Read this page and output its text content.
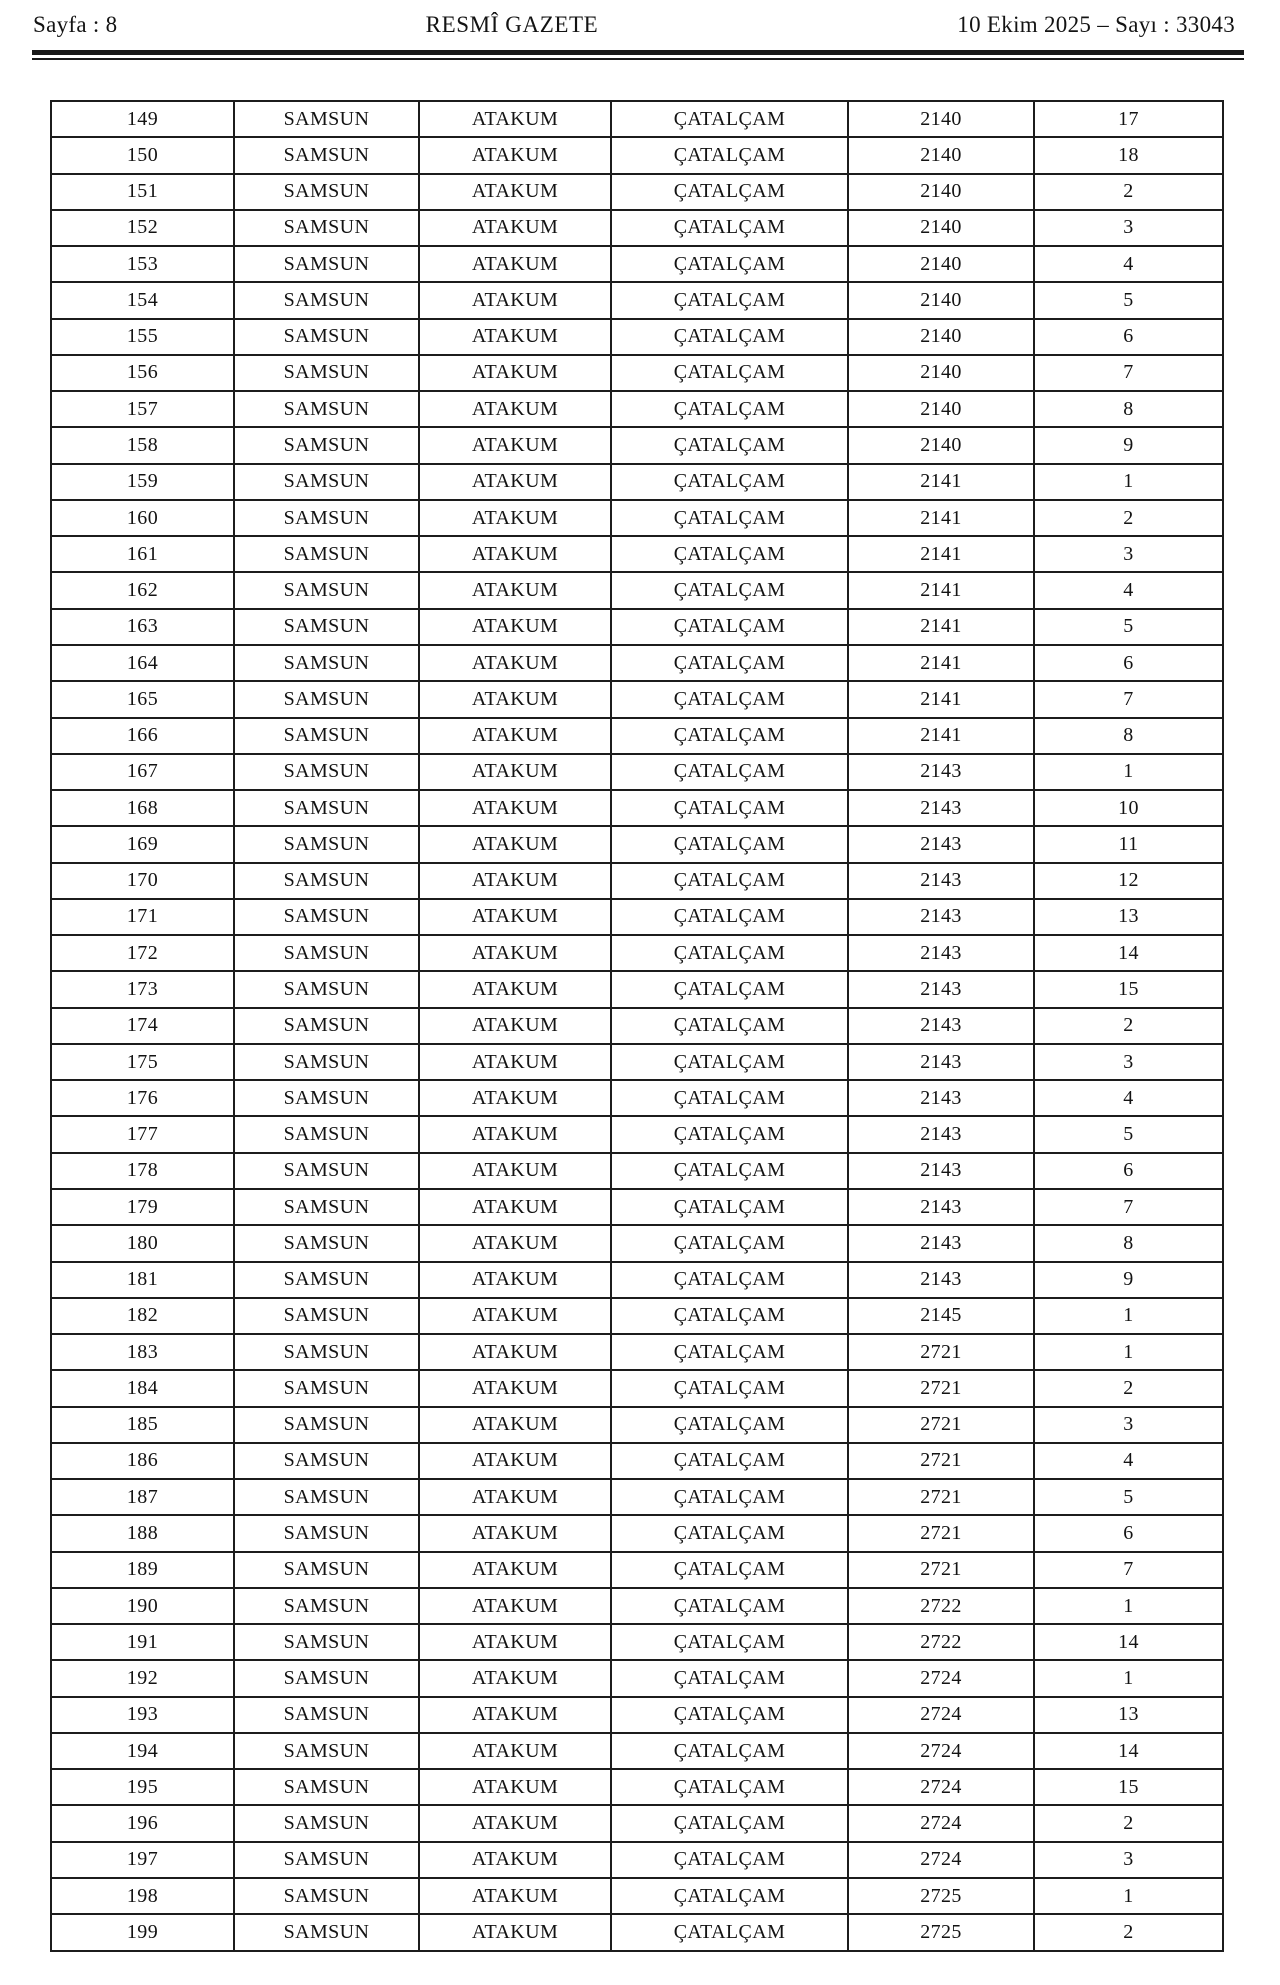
Sayfa : 8	RESMÎ GAZETE	10 Ekim 2025 – Sayı : 33043
149	SAMSUN	ATAKUM	ÇATALÇAM	2140	17
150	SAMSUN	ATAKUM	ÇATALÇAM	2140	18
151	SAMSUN	ATAKUM	ÇATALÇAM	2140	2
152	SAMSUN	ATAKUM	ÇATALÇAM	2140	3
153	SAMSUN	ATAKUM	ÇATALÇAM	2140	4
154	SAMSUN	ATAKUM	ÇATALÇAM	2140	5
155	SAMSUN	ATAKUM	ÇATALÇAM	2140	6
156	SAMSUN	ATAKUM	ÇATALÇAM	2140	7
157	SAMSUN	ATAKUM	ÇATALÇAM	2140	8
158	SAMSUN	ATAKUM	ÇATALÇAM	2140	9
159	SAMSUN	ATAKUM	ÇATALÇAM	2141	1
160	SAMSUN	ATAKUM	ÇATALÇAM	2141	2
161	SAMSUN	ATAKUM	ÇATALÇAM	2141	3
162	SAMSUN	ATAKUM	ÇATALÇAM	2141	4
163	SAMSUN	ATAKUM	ÇATALÇAM	2141	5
164	SAMSUN	ATAKUM	ÇATALÇAM	2141	6
165	SAMSUN	ATAKUM	ÇATALÇAM	2141	7
166	SAMSUN	ATAKUM	ÇATALÇAM	2141	8
167	SAMSUN	ATAKUM	ÇATALÇAM	2143	1
168	SAMSUN	ATAKUM	ÇATALÇAM	2143	10
169	SAMSUN	ATAKUM	ÇATALÇAM	2143	11
170	SAMSUN	ATAKUM	ÇATALÇAM	2143	12
171	SAMSUN	ATAKUM	ÇATALÇAM	2143	13
172	SAMSUN	ATAKUM	ÇATALÇAM	2143	14
173	SAMSUN	ATAKUM	ÇATALÇAM	2143	15
174	SAMSUN	ATAKUM	ÇATALÇAM	2143	2
175	SAMSUN	ATAKUM	ÇATALÇAM	2143	3
176	SAMSUN	ATAKUM	ÇATALÇAM	2143	4
177	SAMSUN	ATAKUM	ÇATALÇAM	2143	5
178	SAMSUN	ATAKUM	ÇATALÇAM	2143	6
179	SAMSUN	ATAKUM	ÇATALÇAM	2143	7
180	SAMSUN	ATAKUM	ÇATALÇAM	2143	8
181	SAMSUN	ATAKUM	ÇATALÇAM	2143	9
182	SAMSUN	ATAKUM	ÇATALÇAM	2145	1
183	SAMSUN	ATAKUM	ÇATALÇAM	2721	1
184	SAMSUN	ATAKUM	ÇATALÇAM	2721	2
185	SAMSUN	ATAKUM	ÇATALÇAM	2721	3
186	SAMSUN	ATAKUM	ÇATALÇAM	2721	4
187	SAMSUN	ATAKUM	ÇATALÇAM	2721	5
188	SAMSUN	ATAKUM	ÇATALÇAM	2721	6
189	SAMSUN	ATAKUM	ÇATALÇAM	2721	7
190	SAMSUN	ATAKUM	ÇATALÇAM	2722	1
191	SAMSUN	ATAKUM	ÇATALÇAM	2722	14
192	SAMSUN	ATAKUM	ÇATALÇAM	2724	1
193	SAMSUN	ATAKUM	ÇATALÇAM	2724	13
194	SAMSUN	ATAKUM	ÇATALÇAM	2724	14
195	SAMSUN	ATAKUM	ÇATALÇAM	2724	15
196	SAMSUN	ATAKUM	ÇATALÇAM	2724	2
197	SAMSUN	ATAKUM	ÇATALÇAM	2724	3
198	SAMSUN	ATAKUM	ÇATALÇAM	2725	1
199	SAMSUN	ATAKUM	ÇATALÇAM	2725	2
